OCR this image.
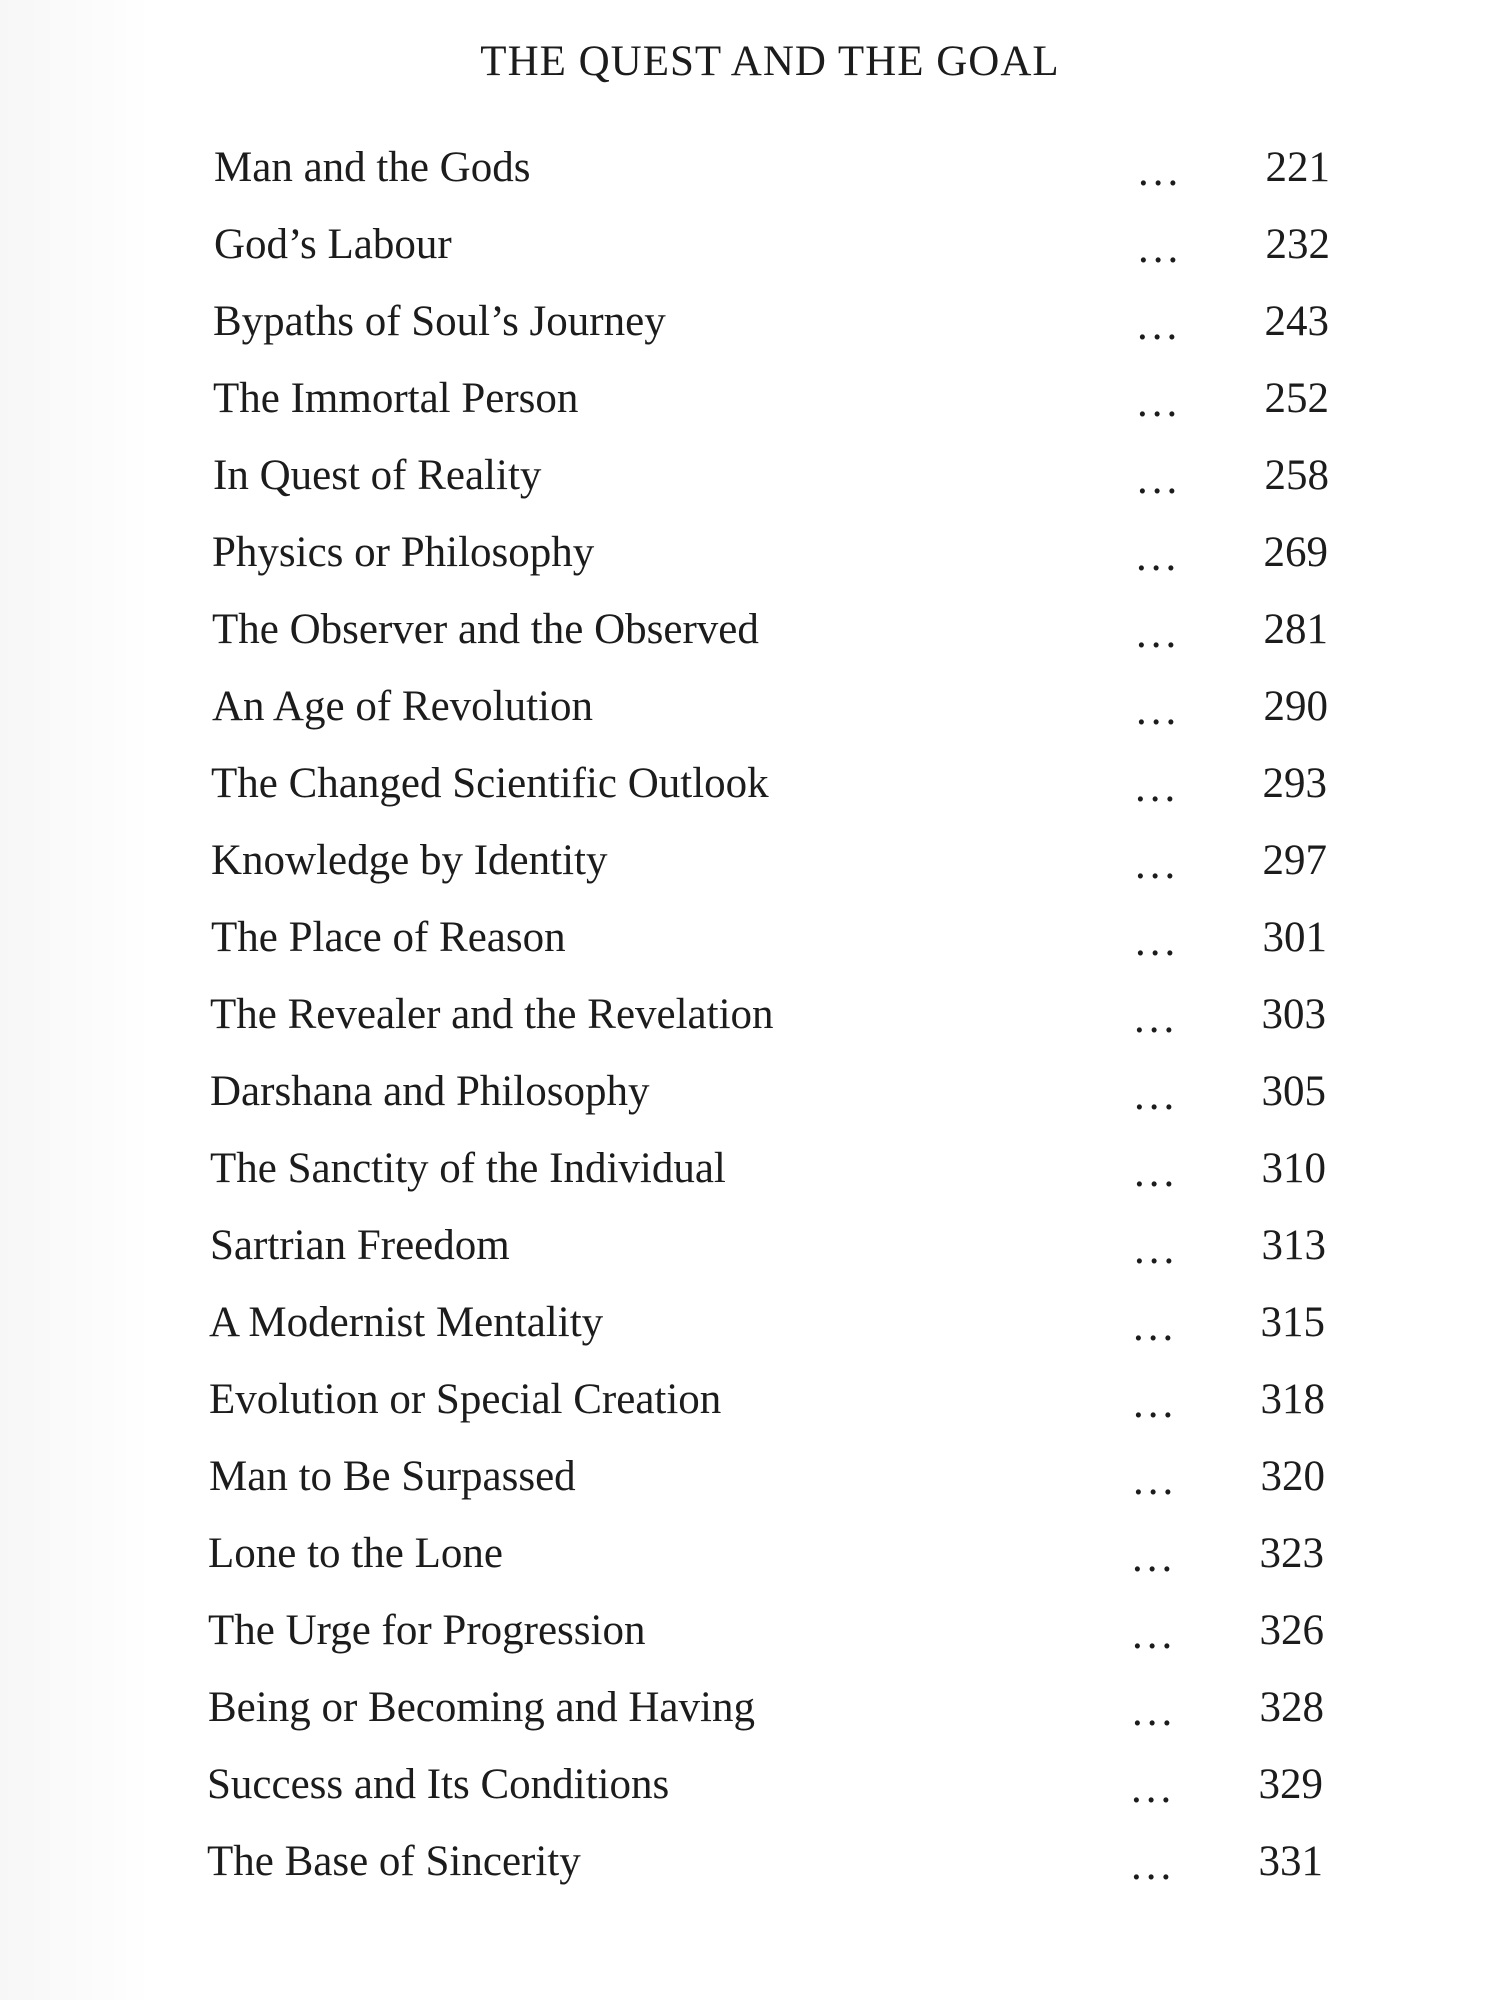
THE QUEST AND THE GOAL
Man and the Gods	...	221
God’s Labour	...	232
Bypaths of Soul’s Journey	...	243
The Immortal Person	...	252
In Quest of Reality	...	258
Physics or Philosophy	...	269
The Observer and the Observed	...	281
An Age of Revolution	...	290
The Changed Scientific Outlook	...	293
Knowledge by Identity	...	297
The Place of Reason	...	301
The Revealer and the Revelation	...	303
Darshana and Philosophy	...	305
The Sanctity of the Individual	...	310
Sartrian Freedom	...	313
A Modernist Mentality	...	315
Evolution or Special Creation	...	318
Man to Be Surpassed	...	320
Lone to the Lone	...	323
The Urge for Progression	...	326
Being or Becoming and Having	...	328
Success and Its Conditions	...	329
The Base of Sincerity	...	331
